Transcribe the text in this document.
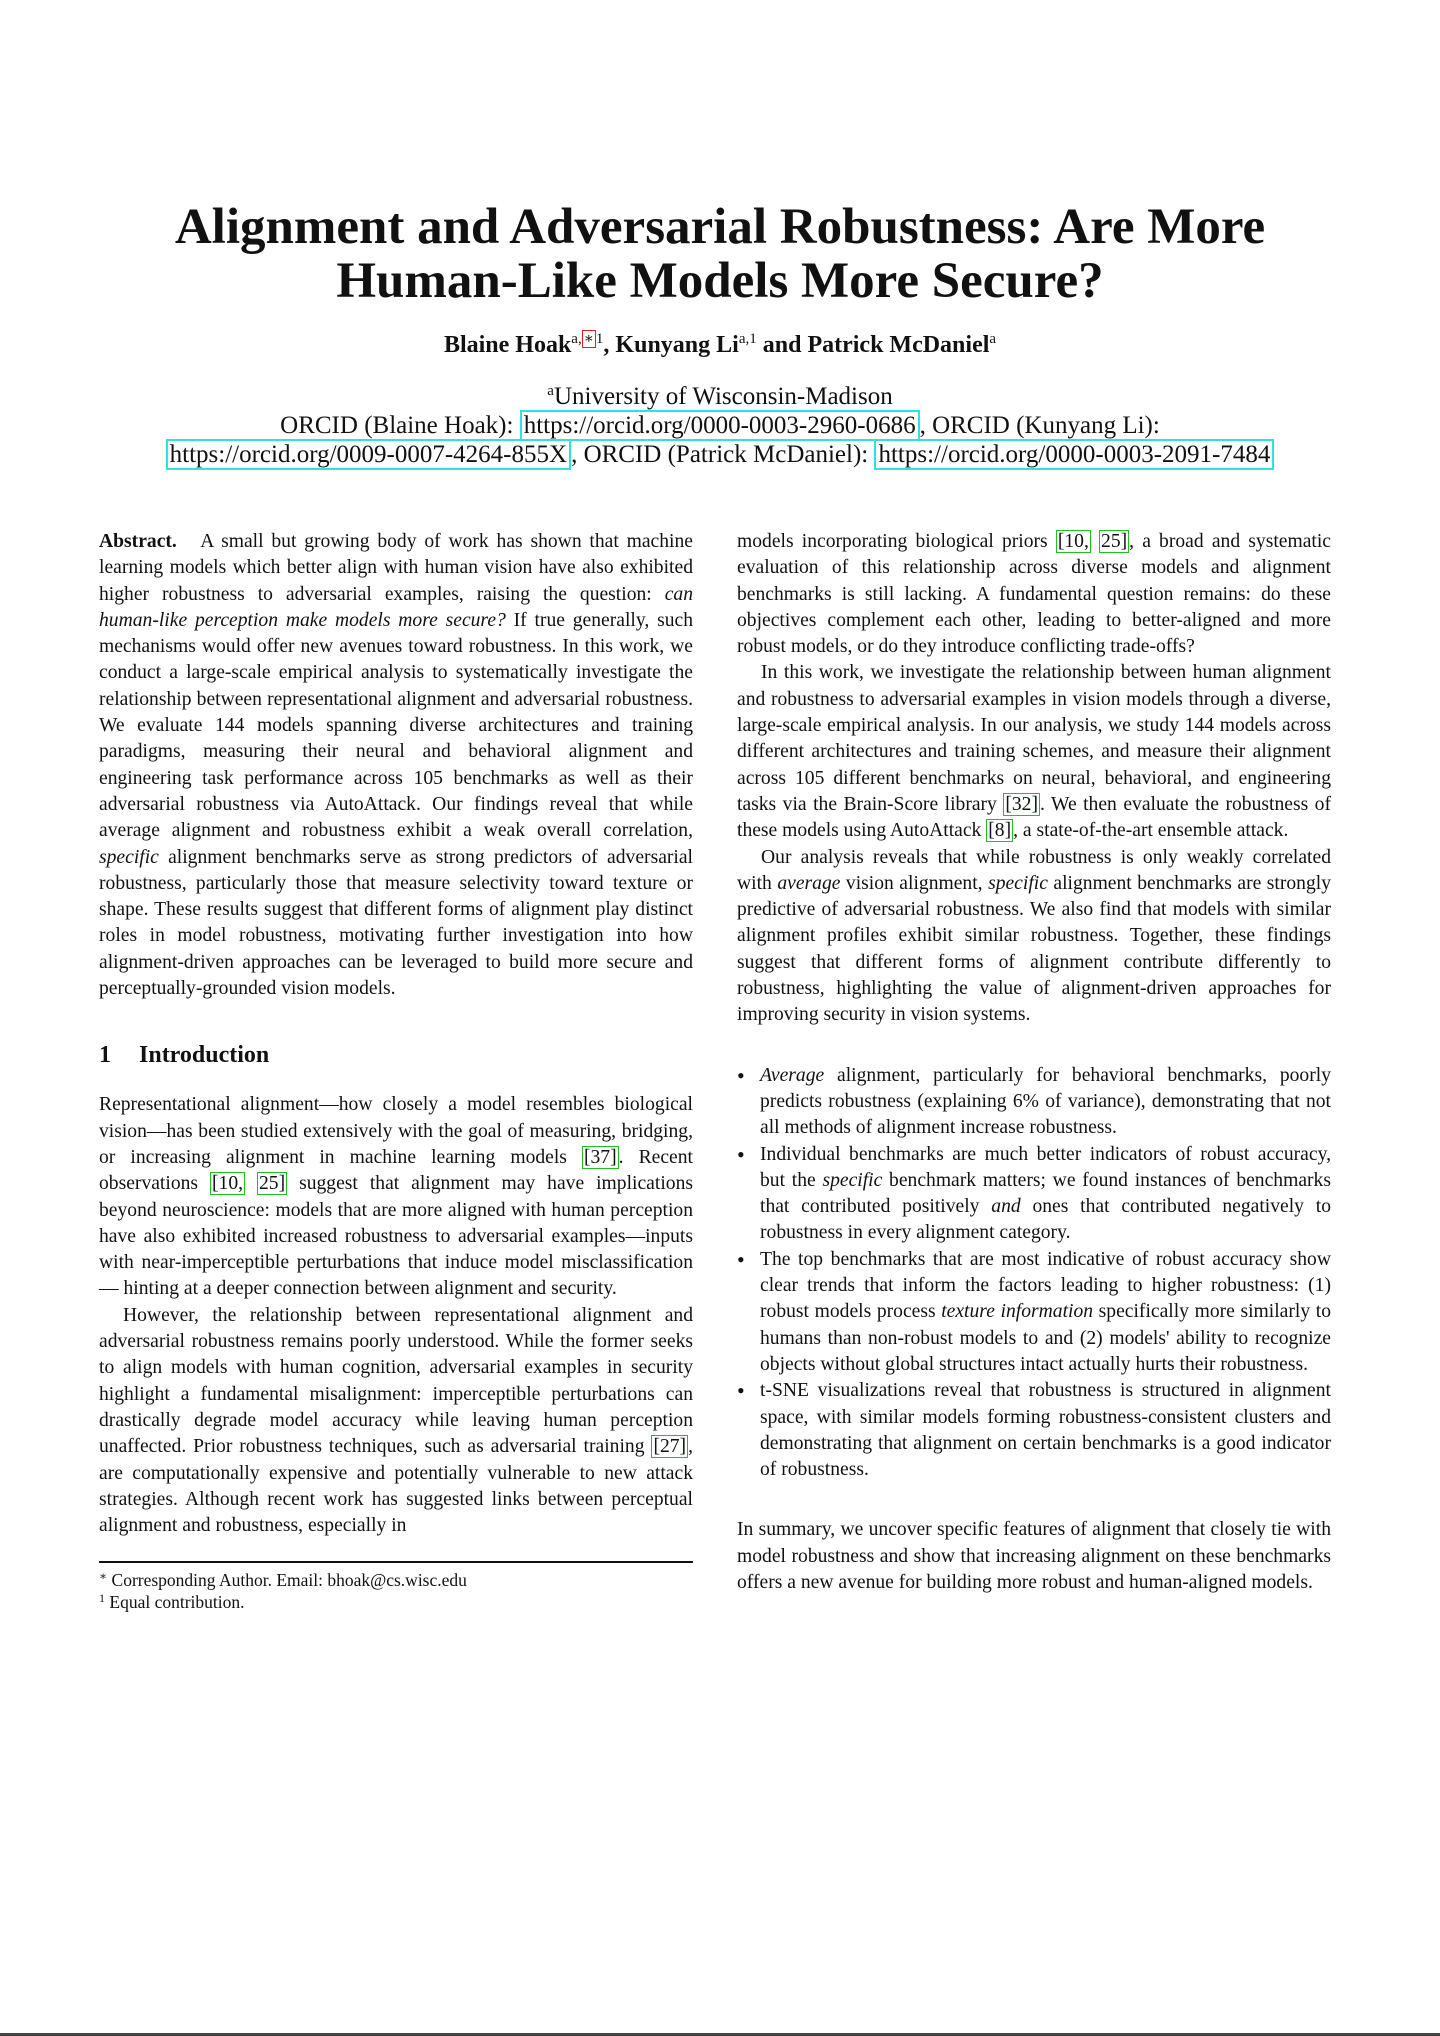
Alignment and Adversarial Robustness: Are More
Human-Like Models More Secure?
Blaine Hoak$^{a, ∗ 1}$, Kunyang Li$^{a,1}$ and Patrick McDaniel$^a$
$^a$University of Wisconsin-Madison
ORCID (Blaine Hoak): https://orcid.org/0000-0003-2960-0686 , ORCID (Kunyang Li):
https://orcid.org/0009-0007-4264-855X , ORCID (Patrick McDaniel): https://orcid.org/0000-0003-2091-7484

Abstract. A small but growing body of work has shown that machine learning models which better align with human vision have also exhibited higher robustness to adversarial examples, raising the question: can human-like perception make models more secure? If true generally, such mechanisms would offer new avenues toward robustness. In this work, we conduct a large-scale empirical analysis to systematically investigate the relationship between representational alignment and adversarial robustness. We evaluate 144 models spanning diverse architectures and training paradigms, measuring their neural and behavioral alignment and engineering task performance across 105 benchmarks as well as their adversarial robustness via AutoAttack. Our findings reveal that while average alignment and robustness exhibit a weak overall correlation, specific alignment benchmarks serve as strong predictors of adversarial robustness, particularly those that measure selectivity toward texture or shape. These results suggest that different forms of alignment play distinct roles in model robustness, motivating further investigation into how alignment-driven approaches can be leveraged to build more secure and perceptually-grounded vision models.

1 Introduction

Representational alignment—how closely a model resembles biological vision—has been studied extensively with the goal of measuring, bridging, or increasing alignment in machine learning models [37] . Recent observations [10, 25] suggest that alignment may have implications beyond neuroscience: models that are more aligned with human perception have also exhibited increased robustness to adversarial examples—inputs with near-imperceptible perturbations that induce model misclassification— hinting at a deeper connection between alignment and security.

However, the relationship between representational alignment and adversarial robustness remains poorly understood. While the former seeks to align models with human cognition, adversarial examples in security highlight a fundamental misalignment: imperceptible perturbations can drastically degrade model accuracy while leaving human perception unaffected. Prior robustness techniques, such as adversarial training [27] , are computationally expensive and potentially vulnerable to new attack strategies. Although recent work has suggested links between perceptual alignment and robustness, especially in

∗ Corresponding Author. Email: bhoak@cs.wisc.edu
$^1$ Equal contribution.

models incorporating biological priors [10, 25] , a broad and systematic evaluation of this relationship across diverse models and alignment benchmarks is still lacking. A fundamental question remains: do these objectives complement each other, leading to better-aligned and more robust models, or do they introduce conflicting trade-offs?

In this work, we investigate the relationship between human alignment and robustness to adversarial examples in vision models through a diverse, large-scale empirical analysis. In our analysis, we study 144 models across different architectures and training schemes, and measure their alignment across 105 different benchmarks on neural, behavioral, and engineering tasks via the Brain-Score library [32] . We then evaluate the robustness of these models using AutoAttack [8] , a state-of-the-art ensemble attack.

Our analysis reveals that while robustness is only weakly correlated with average vision alignment, specific alignment benchmarks are strongly predictive of adversarial robustness. We also find that models with similar alignment profiles exhibit similar robustness. Together, these findings suggest that different forms of alignment contribute differently to robustness, highlighting the value of alignment-driven approaches for improving security in vision systems.

• Average alignment, particularly for behavioral benchmarks, poorly predicts robustness (explaining 6% of variance), demonstrating that not all methods of alignment increase robustness.
• Individual benchmarks are much better indicators of robust accuracy, but the specific benchmark matters; we found instances of benchmarks that contributed positively and ones that contributed negatively to robustness in every alignment category.
• The top benchmarks that are most indicative of robust accuracy show clear trends that inform the factors leading to higher robustness: (1) robust models process texture information specifically more similarly to humans than non-robust models to and (2) models' ability to recognize objects without global structures intact actually hurts their robustness.
• t-SNE visualizations reveal that robustness is structured in alignment space, with similar models forming robustness-consistent clusters and demonstrating that alignment on certain benchmarks is a good indicator of robustness.

In summary, we uncover specific features of alignment that closely tie with model robustness and show that increasing alignment on these benchmarks offers a new avenue for building more robust and human-aligned models.
